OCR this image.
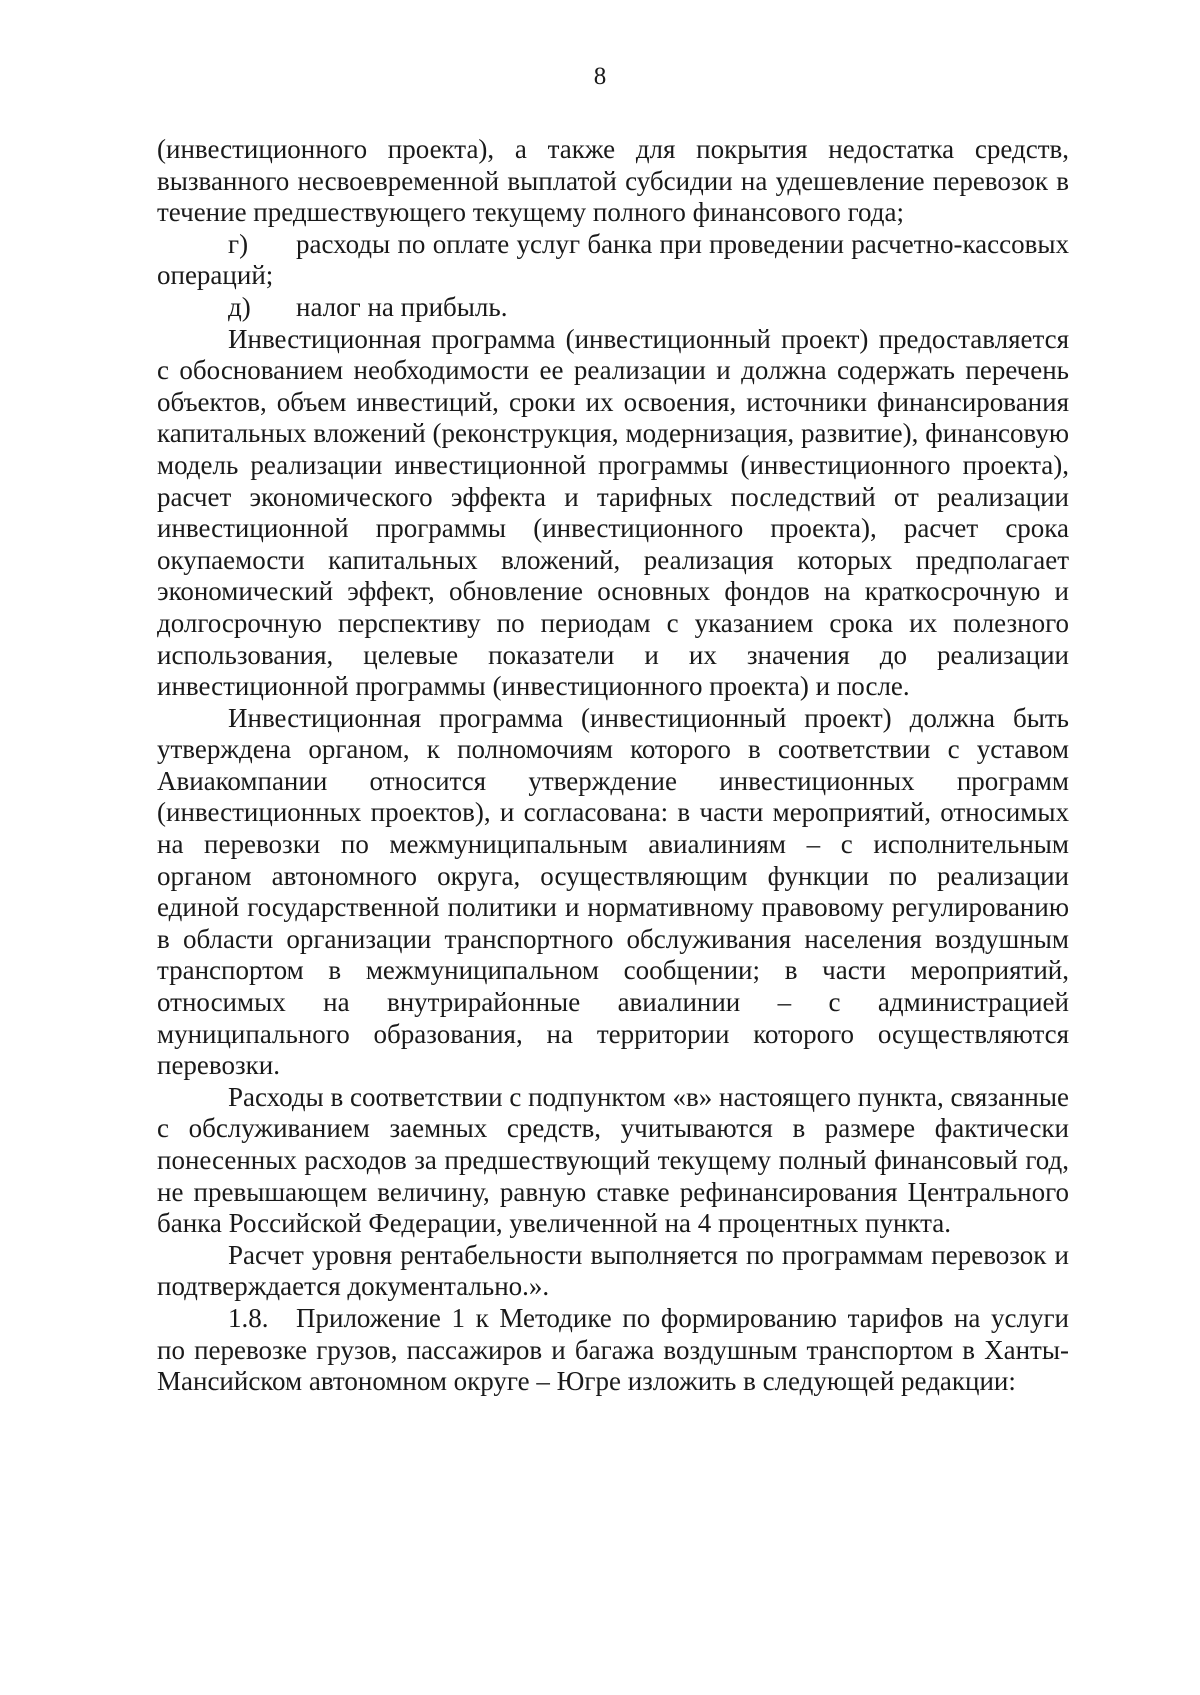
8

(инвестиционного проекта), а также для покрытия недостатка средств, вызванного несвоевременной выплатой субсидии на удешевление перевозок в течение предшествующего текущему полного финансового года;

г) расходы по оплате услуг банка при проведении расчетно-кассовых операций;

д) налог на прибыль.

Инвестиционная программа (инвестиционный проект) предоставляется с обоснованием необходимости ее реализации и должна содержать перечень объектов, объем инвестиций, сроки их освоения, источники финансирования капитальных вложений (реконструкция, модернизация, развитие), финансовую модель реализации инвестиционной программы (инвестиционного проекта), расчет экономического эффекта и тарифных последствий от реализации инвестиционной программы (инвестиционного проекта), расчет срока окупаемости капитальных вложений, реализация которых предполагает экономический эффект, обновление основных фондов на краткосрочную и долгосрочную перспективу по периодам с указанием срока их полезного использования, целевые показатели и их значения до реализации инвестиционной программы (инвестиционного проекта) и после.

Инвестиционная программа (инвестиционный проект) должна быть утверждена органом, к полномочиям которого в соответствии с уставом Авиакомпании относится утверждение инвестиционных программ (инвестиционных проектов), и согласована: в части мероприятий, относимых на перевозки по межмуниципальным авиалиниям – с исполнительным органом автономного округа, осуществляющим функции по реализации единой государственной политики и нормативному правовому регулированию в области организации транспортного обслуживания населения воздушным транспортом в межмуниципальном сообщении; в части мероприятий, относимых на внутрирайонные авиалинии – с администрацией муниципального образования, на территории которого осуществляются перевозки.

Расходы в соответствии с подпунктом «в» настоящего пункта, связанные с обслуживанием заемных средств, учитываются в размере фактически понесенных расходов за предшествующий текущему полный финансовый год, не превышающем величину, равную ставке рефинансирования Центрального банка Российской Федерации, увеличенной на 4 процентных пункта.

Расчет уровня рентабельности выполняется по программам перевозок и подтверждается документально.».

1.8. Приложение 1 к Методике по формированию тарифов на услуги по перевозке грузов, пассажиров и багажа воздушным транспортом в Ханты-Мансийском автономном округе – Югре изложить в следующей редакции:
